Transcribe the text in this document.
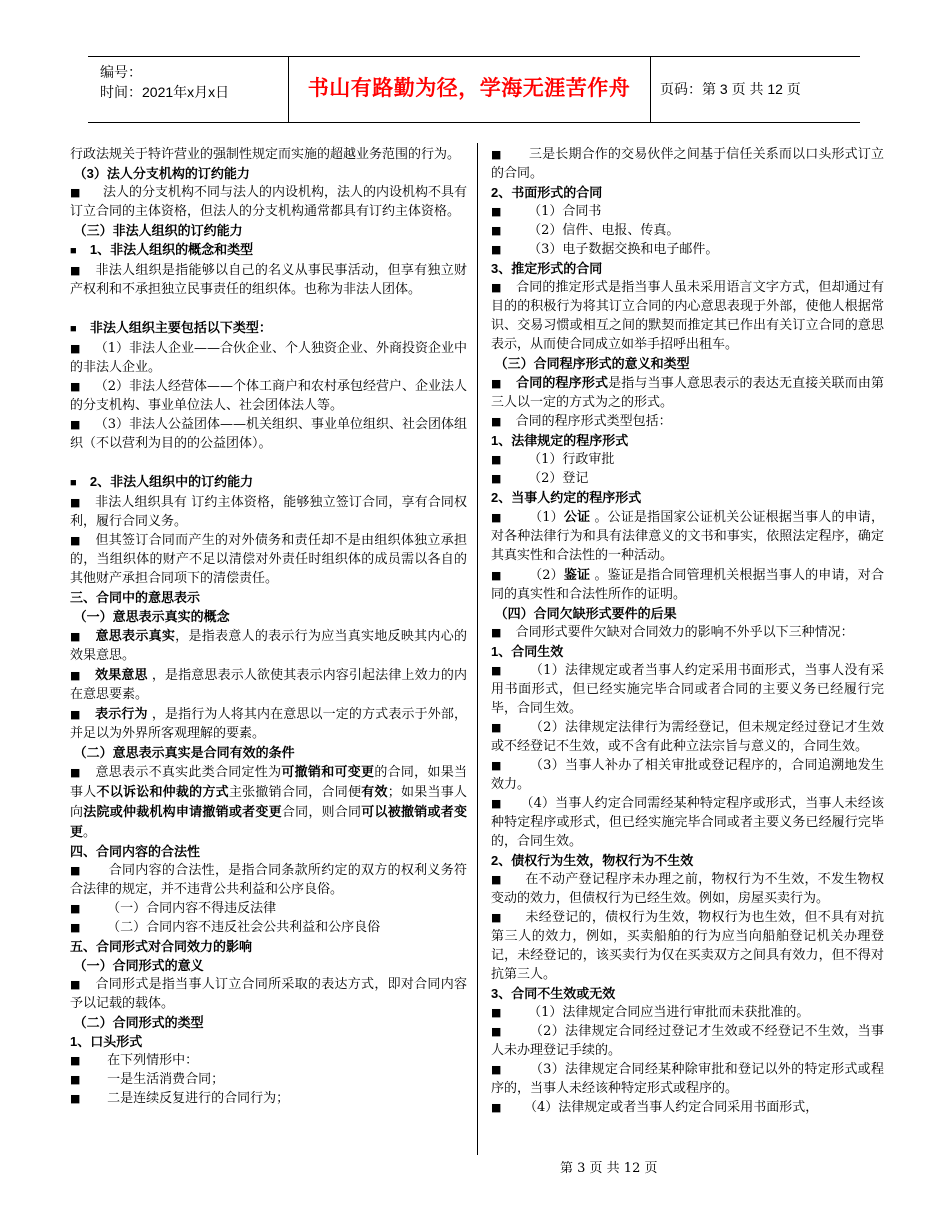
编号：
时间：2021年x月x日	书山有路勤为径，学海无涯苦作舟	页码：第 3 页 共 12 页

行政法规关于特许营业的强制性规定而实施的超越业务范围的行为。

（3）法人分支机构的订约能力

■ 法人的分支机构不同与法人的内设机构，法人的内设机构不具有订立合同的主体资格，但法人的分支机构通常都具有订约主体资格。

（三）非法人组织的订约能力

■ 1、非法人组织的概念和类型

■ 非法人组织是指能够以自己的名义从事民事活动，但享有独立财产权利和不承担独立民事责任的组织体。也称为非法人团体。

■ 非法人组织主要包括以下类型：

■ （1）非法人企业——合伙企业、个人独资企业、外商投资企业中的非法人企业。

■ （2）非法人经营体——个体工商户和农村承包经营户、企业法人的分支机构、事业单位法人、社会团体法人等。

■ （3）非法人公益团体——机关组织、事业单位组织、社会团体组织（不以营利为目的的公益团体）。

■ 2、非法人组织中的订约能力

■ 非法人组织具有 订约主体资格，能够独立签订合同，享有合同权利，履行合同义务。

■ 但其签订合同而产生的对外债务和责任却不是由组织体独立承担的，当组织体的财产不足以清偿对外责任时组织体的成员需以各自的其他财产承担合同项下的清偿责任。

三、合同中的意思表示

（一）意思表示真实的概念

■ 意思表示真实，是指表意人的表示行为应当真实地反映其内心的效果意思。

■ 效果意思 ，是指意思表示人欲使其表示内容引起法律上效力的内在意思要素。

■ 表示行为 ，是指行为人将其内在意思以一定的方式表示于外部，并足以为外界所客观理解的要素。

（二）意思表示真实是合同有效的条件

■ 意思表示不真实此类合同定性为可撤销和可变更的合同，如果当事人不以诉讼和仲裁的方式主张撤销合同，合同便有效；如果当事人向法院或仲裁机构申请撤销或者变更合同，则合同可以被撤销或者变更。

四、合同内容的合法性

■ 合同内容的合法性，是指合同条款所约定的双方的权利义务符合法律的规定，并不违背公共利益和公序良俗。

■ （一）合同内容不得违反法律

■ （二）合同内容不违反社会公共利益和公序良俗

五、合同形式对合同效力的影响

（一）合同形式的意义

■ 合同形式是指当事人订立合同所采取的表达方式，即对合同内容予以记载的载体。

（二）合同形式的类型

1、口头形式

■ 在下列情形中：

■ 一是生活消费合同；

■ 二是连续反复进行的合同行为；

■ 三是长期合作的交易伙伴之间基于信任关系而以口头形式订立的合同。

2、书面形式的合同

■ （1）合同书

■ （2）信件、电报、传真。

■ （3）电子数据交换和电子邮件。

3、推定形式的合同

■ 合同的推定形式是指当事人虽未采用语言文字方式，但却通过有目的的积极行为将其订立合同的内心意思表现于外部，使他人根据常识、交易习惯或相互之间的默契而推定其已作出有关订立合同的意思表示，从而使合同成立如举手招呼出租车。

（三）合同程序形式的意义和类型

■ 合同的程序形式是指与当事人意思表示的表达无直接关联而由第三人以一定的方式为之的形式。

■ 合同的程序形式类型包括：

1、法律规定的程序形式

■ （1）行政审批

■ （2）登记

2、当事人约定的程序形式

■ （1）公证 。公证是指国家公证机关公证根据当事人的申请，对各种法律行为和具有法律意义的文书和事实，依照法定程序，确定其真实性和合法性的一种活动。

■ （2）鉴证 。鉴证是指合同管理机关根据当事人的申请，对合同的真实性和合法性所作的证明。

（四）合同欠缺形式要件的后果

■ 合同形式要件欠缺对合同效力的影响不外乎以下三种情况：

1、合同生效

■ （1）法律规定或者当事人约定采用书面形式，当事人没有采用书面形式，但已经实施完毕合同或者合同的主要义务已经履行完毕，合同生效。

■ （2）法律规定法律行为需经登记，但未规定经过登记才生效或不经登记不生效，或不含有此种立法宗旨与意义的，合同生效。

■ （3）当事人补办了相关审批或登记程序的，合同追溯地发生效力。

■ （4）当事人约定合同需经某种特定程序或形式，当事人未经该种特定程序或形式，但已经实施完毕合同或者主要义务已经履行完毕的，合同生效。

2、债权行为生效，物权行为不生效

■ 在不动产登记程序未办理之前，物权行为不生效，不发生物权变动的效力，但债权行为已经生效。例如，房屋买卖行为。

■ 未经登记的，债权行为生效，物权行为也生效，但不具有对抗第三人的效力，例如，买卖船舶的行为应当向船舶登记机关办理登记，未经登记的，该买卖行为仅在买卖双方之间具有效力，但不得对抗第三人。

3、合同不生效或无效

■ （1）法律规定合同应当进行审批而未获批准的。

■ （2）法律规定合同经过登记才生效或不经登记不生效，当事人未办理登记手续的。

■ （3）法律规定合同经某种除审批和登记以外的特定形式或程序的，当事人未经该种特定形式或程序的。

■ （4）法律规定或者当事人约定合同采用书面形式，

第 3 页 共 12 页
